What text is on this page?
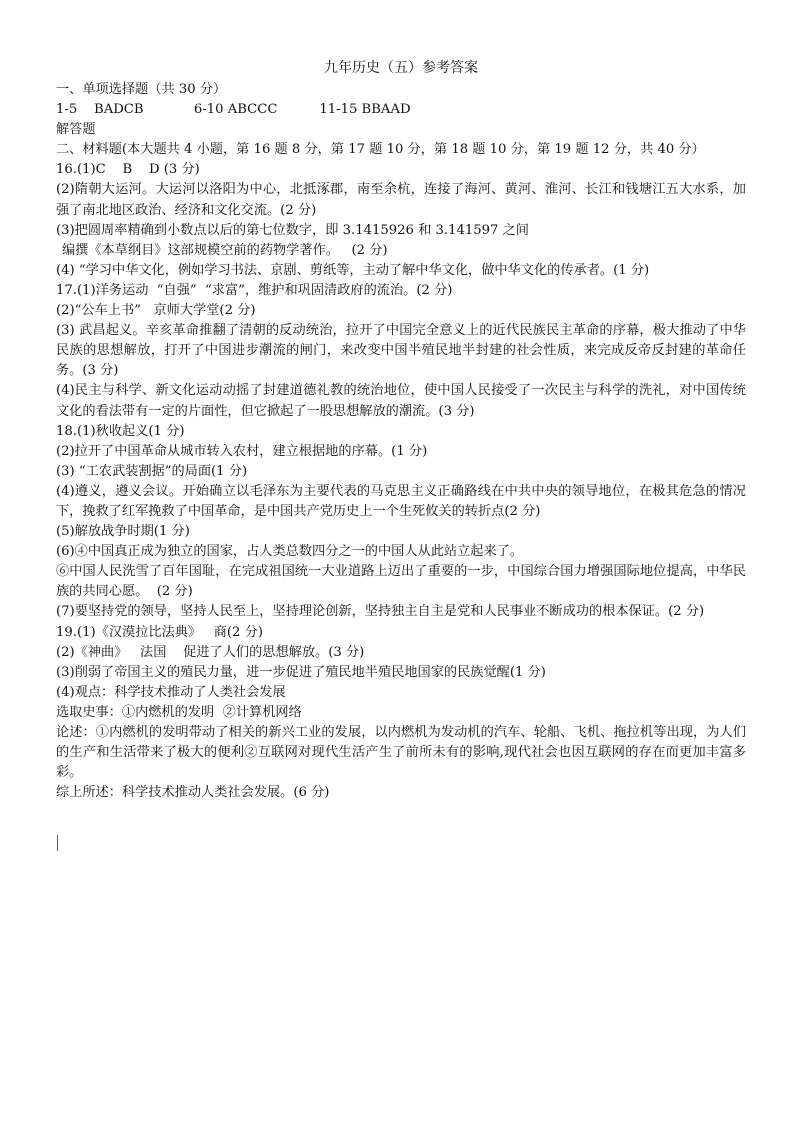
九年历史（五）参考答案
一、单项选择题（共 30 分）
1-5    BADCB            6-10 ABCCC          11-15 BBAAD
解答题
二、材料题(本大题共 4 小题，第 16 题 8 分，第 17 题 10 分，第 18 题 10 分，第 19 题 12 分，共 40 分）
16.(1)C    B    D (3 分)
(2)隋朝大运河。大运河以洛阳为中心，北抵涿郡，南至余杭，连接了海河、黄河、淮河、长江和钱塘江五大水系，加强了南北地区政治、经济和文化交流。(2 分)
(3)把圆周率精确到小数点以后的第七位数字，即 3.1415926 和 3.141597 之间
编撰《本草纲目》这部规模空前的药物学著作。   (2 分)
(4) “学习中华文化，例如学习书法、京剧、剪纸等，主动了解中华文化，做中华文化的传承者。(1 分)
17.(1)洋务运动  “自强”  “求富”，维护和巩固清政府的流治。(2 分)
(2)“公车上书”   京师大学堂(2 分)
(3) 武昌起义。辛亥革命推翻了清朝的反动统治，拉开了中国完全意义上的近代民族民主革命的序幕，极大推动了中华民族的思想解放，打开了中国进步潮流的闸门，来改变中国半殖民地半封建的社会性质，来完成反帝反封建的革命任务。(3 分)
(4)民主与科学、新文化运动动摇了封建道德礼教的统治地位，使中国人民接受了一次民主与科学的洗礼，对中国传统文化的看法带有一定的片面性，但它掀起了一股思想解放的潮流。(3 分)
18.(1)秋收起义(1 分)
(2)拉开了中国革命从城市转入农村，建立根据地的序幕。(1 分)
(3) “工农武装割据”的局面(1 分)
(4)遵义，遵义会议。开始确立以毛泽东为主要代表的马克思主义正确路线在中共中央的领导地位，在极其危急的情况下，挽救了红军挽救了中国革命，是中国共产党历史上一个生死攸关的转折点(2 分)
(5)解放战争时期(1 分)
(6)④中国真正成为独立的国家，占人类总数四分之一的中国人从此站立起来了。
⑥中国人民洗雪了百年国耻，在完成祖国统一大业道路上迈出了重要的一步，中国综合国力增强国际地位提高，中华民族的共同心愿。  (2 分)
(7)要坚持党的领导，坚持人民至上，坚持理论创新，坚持独主自主是党和人民事业不断成功的根本保证。(2 分)
19.(1)《汉漠拉比法典》   商(2 分)
(2)《神曲》   法国    促进了人们的思想解放。(3 分)
(3)削弱了帝国主义的殖民力量，进一步促进了殖民地半殖民地国家的民族觉醒(1 分)
(4)观点：科学技术推动了人类社会发展
选取史事：①内燃机的发明  ②计算机网络
论述：①内燃机的发明带动了相关的新兴工业的发展，以内燃机为发动机的汽车、轮船、飞机、拖拉机等出现，为人们的生产和生活带来了极大的便利②互联网对现代生活产生了前所未有的影响,现代社会也因互联网的存在而更加丰富多彩。
综上所述：科学技术推动人类社会发展。(6 分)
